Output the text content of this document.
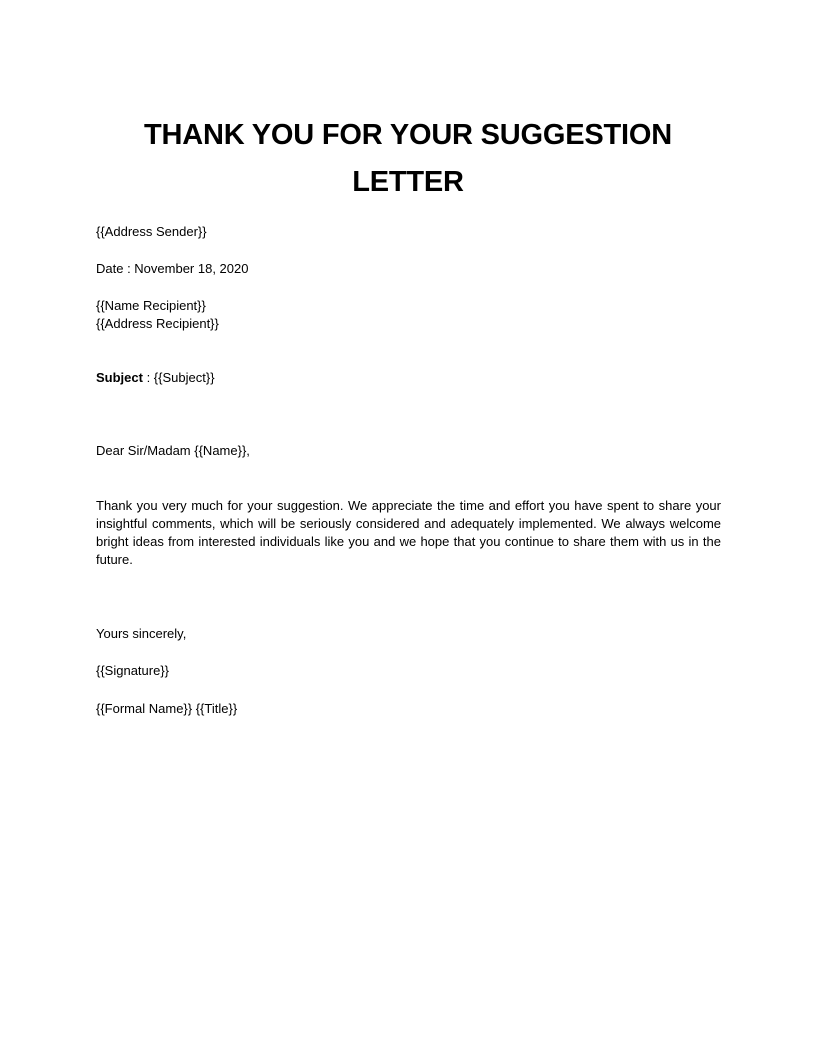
THANK YOU FOR YOUR SUGGESTION
LETTER

{{Address Sender}}

Date : November 18, 2020

{{Name Recipient}}

{{Address Recipient}}

Subject : {{Subject}}

Dear Sir/Madam {{Name}},

Thank you very much for your suggestion. We appreciate the time and effort you have spent to share your insightful comments, which will be seriously considered and adequately implemented. We always welcome bright ideas from interested individuals like you and we hope that you continue to share them with us in the future.

Yours sincerely,

{{Signature}}

{{Formal Name}} {{Title}}
